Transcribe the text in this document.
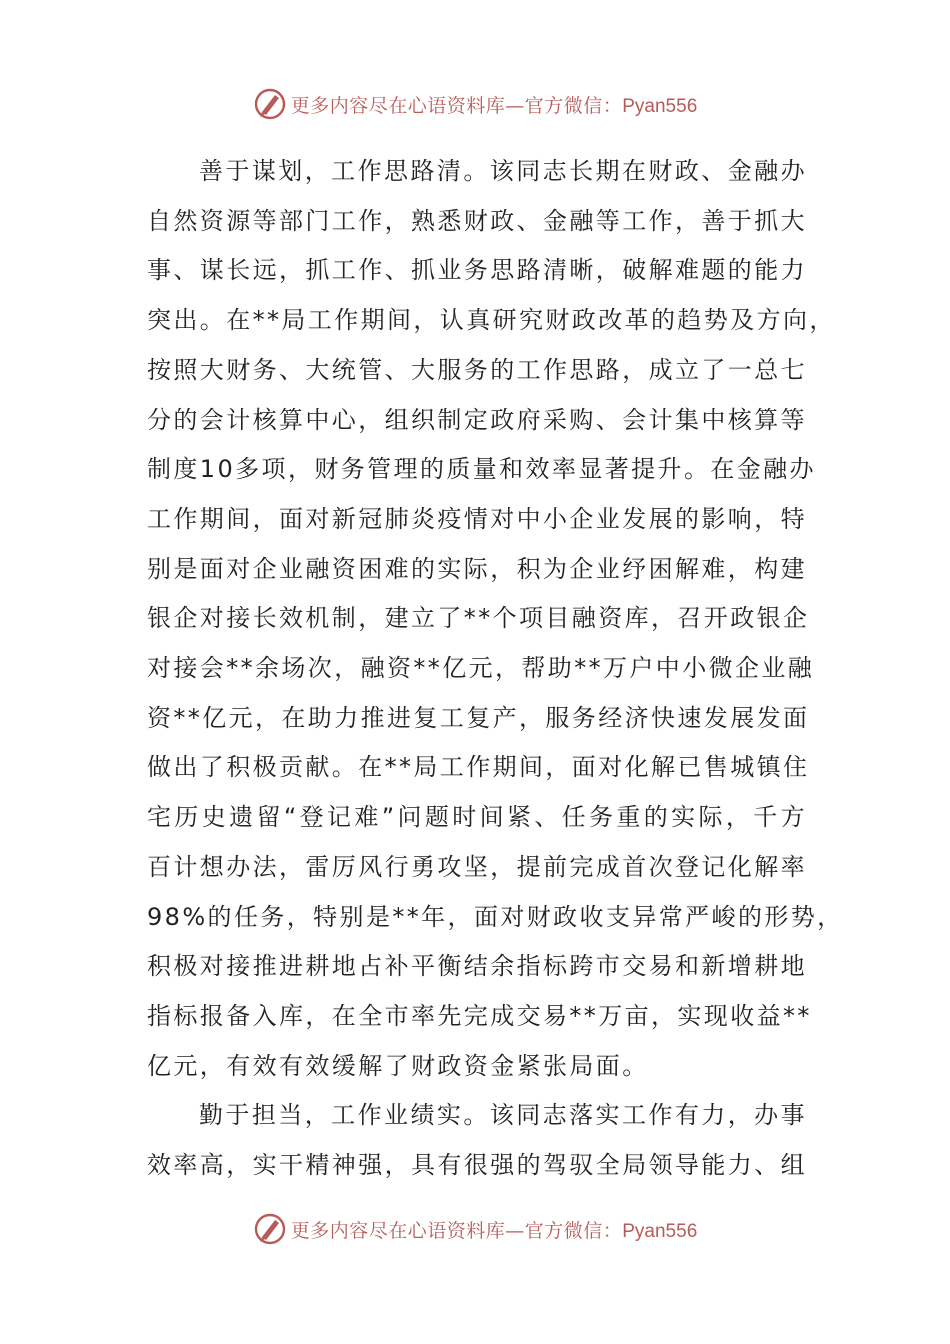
更多内容尽在心语资料库—官方微信：Pyan556

善于谋划，工作思路清。该同志长期在财政、金融办
自然资源等部门工作，熟悉财政、金融等工作，善于抓大
事、谋长远，抓工作、抓业务思路清晰，破解难题的能力
突出。在**局工作期间，认真研究财政改革的趋势及方向，
按照大财务、大统管、大服务的工作思路，成立了一总七
分的会计核算中心，组织制定政府采购、会计集中核算等
制度10多项，财务管理的质量和效率显著提升。在金融办
工作期间，面对新冠肺炎疫情对中小企业发展的影响，特
别是面对企业融资困难的实际，积为企业纾困解难，构建
银企对接长效机制，建立了**个项目融资库，召开政银企
对接会**余场次，融资**亿元，帮助**万户中小微企业融
资**亿元，在助力推进复工复产，服务经济快速发展发面
做出了积极贡献。在**局工作期间，面对化解已售城镇住
宅历史遗留“登记难”问题时间紧、任务重的实际，千方
百计想办法，雷厉风行勇攻坚，提前完成首次登记化解率
98%的任务，特别是**年，面对财政收支异常严峻的形势，
积极对接推进耕地占补平衡结余指标跨市交易和新增耕地
指标报备入库，在全市率先完成交易**万亩，实现收益**
亿元，有效有效缓解了财政资金紧张局面。

勤于担当，工作业绩实。该同志落实工作有力，办事
效率高，实干精神强，具有很强的驾驭全局领导能力、组

更多内容尽在心语资料库—官方微信：Pyan556
